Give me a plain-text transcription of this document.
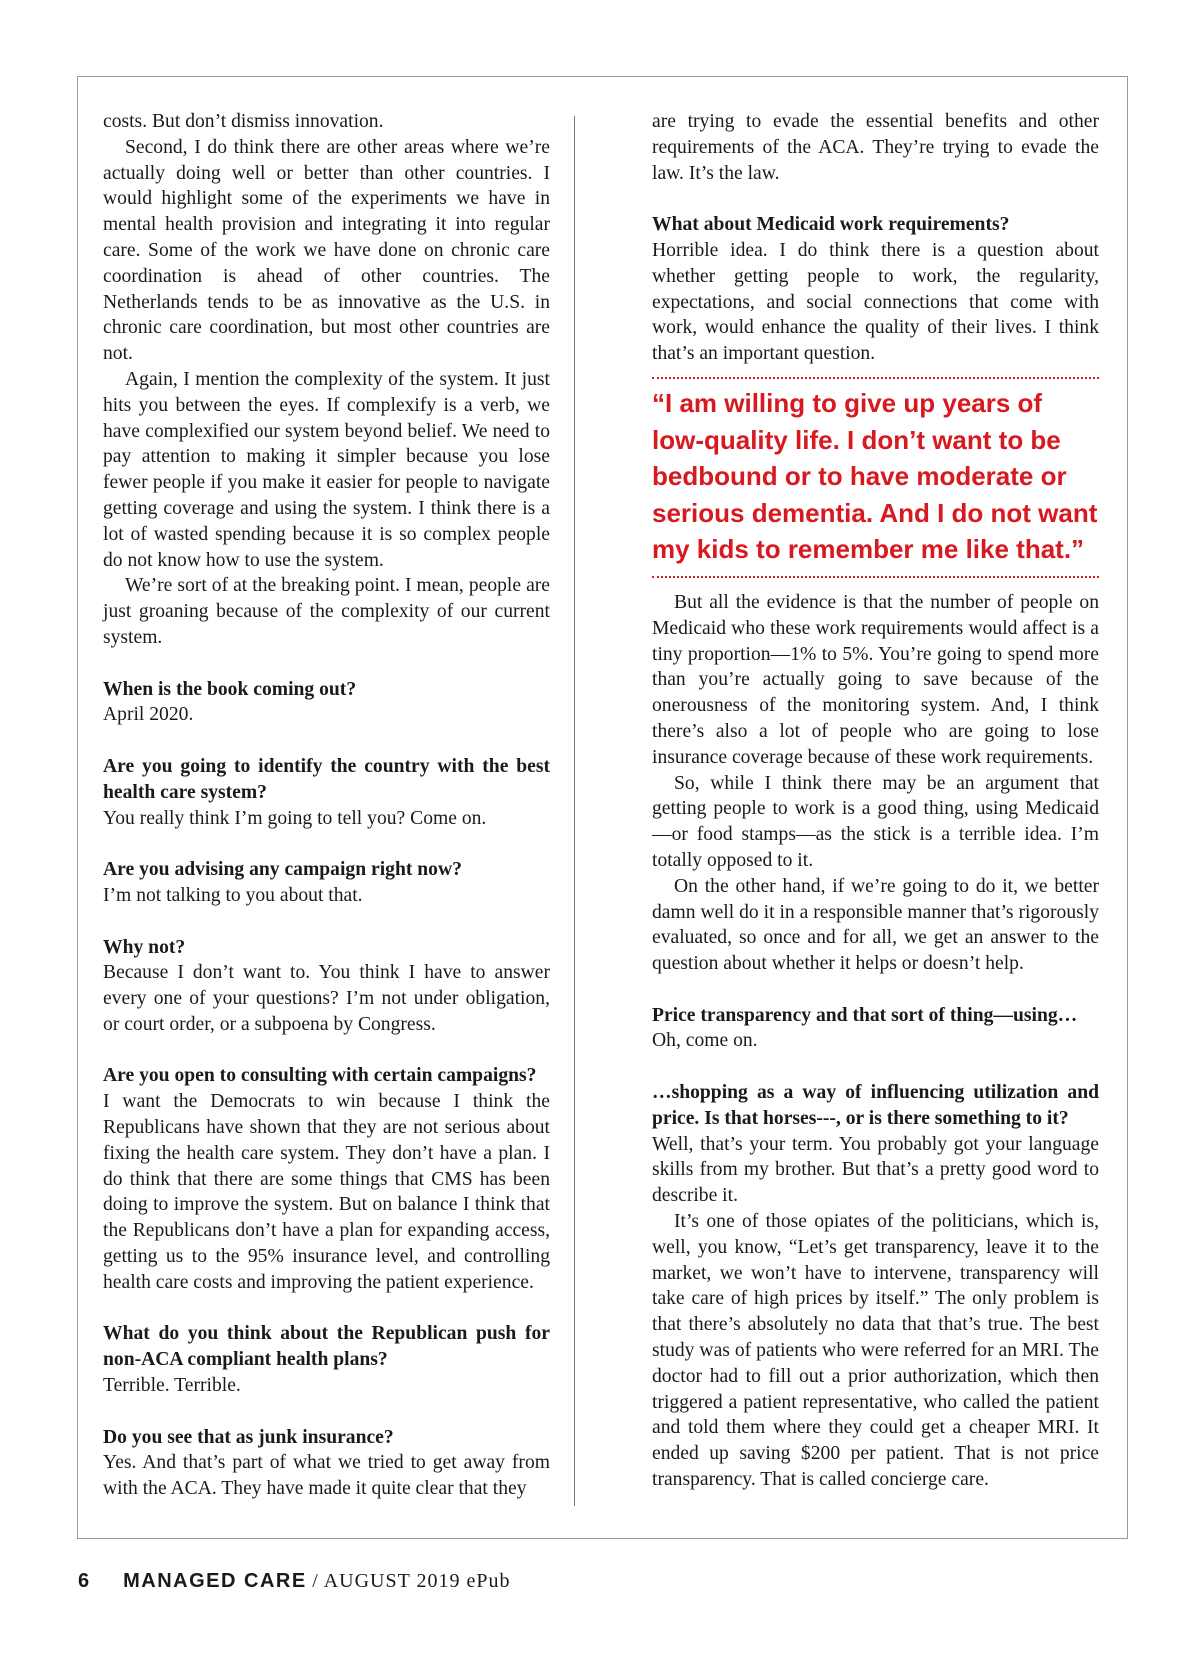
costs. But don’t dismiss innovation.

Second, I do think there are other areas where we’re actually doing well or better than other countries. I would highlight some of the experiments we have in mental health provision and integrating it into regular care. Some of the work we have done on chronic care coordination is ahead of other countries. The Netherlands tends to be as innovative as the U.S. in chronic care coordination, but most other countries are not.

Again, I mention the complexity of the system. It just hits you between the eyes. If complexify is a verb, we have complexified our system beyond belief. We need to pay attention to making it simpler because you lose fewer people if you make it easier for people to navigate getting coverage and using the system. I think there is a lot of wasted spending because it is so complex people do not know how to use the system.

We’re sort of at the breaking point. I mean, people are just groaning because of the complexity of our current system.

When is the book coming out?

April 2020.

Are you going to identify the country with the best health care system?

You really think I’m going to tell you? Come on.

Are you advising any campaign right now?

I’m not talking to you about that.

Why not?

Because I don’t want to. You think I have to answer every one of your questions? I’m not under obligation, or court order, or a subpoena by Congress.

Are you open to consulting with certain campaigns?

I want the Democrats to win because I think the Republicans have shown that they are not serious about fixing the health care system. They don’t have a plan. I do think that there are some things that CMS has been doing to improve the system. But on balance I think that the Republicans don’t have a plan for expanding access, getting us to the 95% insurance level, and controlling health care costs and improving the patient experience.

What do you think about the Republican push for non-ACA compliant health plans?

Terrible. Terrible.

Do you see that as junk insurance?

Yes. And that’s part of what we tried to get away from with the ACA. They have made it quite clear that they

are trying to evade the essential benefits and other requirements of the ACA. They’re trying to evade the law. It’s the law.

What about Medicaid work requirements?

Horrible idea. I do think there is a question about whether getting people to work, the regularity, expectations, and social connections that come with work, would enhance the quality of their lives. I think that’s an important question.

“I am willing to give up years of low-quality life. I don’t want to be bedbound or to have moderate or serious dementia. And I do not want my kids to remember me like that.”

But all the evidence is that the number of people on Medicaid who these work requirements would affect is a tiny proportion—1% to 5%. You’re going to spend more than you’re actually going to save because of the onerousness of the monitoring system. And, I think there’s also a lot of people who are going to lose insurance coverage because of these work requirements.

So, while I think there may be an argument that getting people to work is a good thing, using Medicaid—or food stamps—as the stick is a terrible idea. I’m totally opposed to it.

On the other hand, if we’re going to do it, we better damn well do it in a responsible manner that’s rigorously evaluated, so once and for all, we get an answer to the question about whether it helps or doesn’t help.

Price transparency and that sort of thing—using…

Oh, come on.

…shopping as a way of influencing utilization and price. Is that horses---, or is there something to it?

Well, that’s your term. You probably got your language skills from my brother. But that’s a pretty good word to describe it.

It’s one of those opiates of the politicians, which is, well, you know, “Let’s get transparency, leave it to the market, we won’t have to intervene, transparency will take care of high prices by itself.” The only problem is that there’s absolutely no data that that’s true. The best study was of patients who were referred for an MRI. The doctor had to fill out a prior authorization, which then triggered a patient representative, who called the patient and told them where they could get a cheaper MRI. It ended up saving $200 per patient. That is not price transparency. That is called concierge care.

6 MANAGED CARE / AUGUST 2019 ePub
